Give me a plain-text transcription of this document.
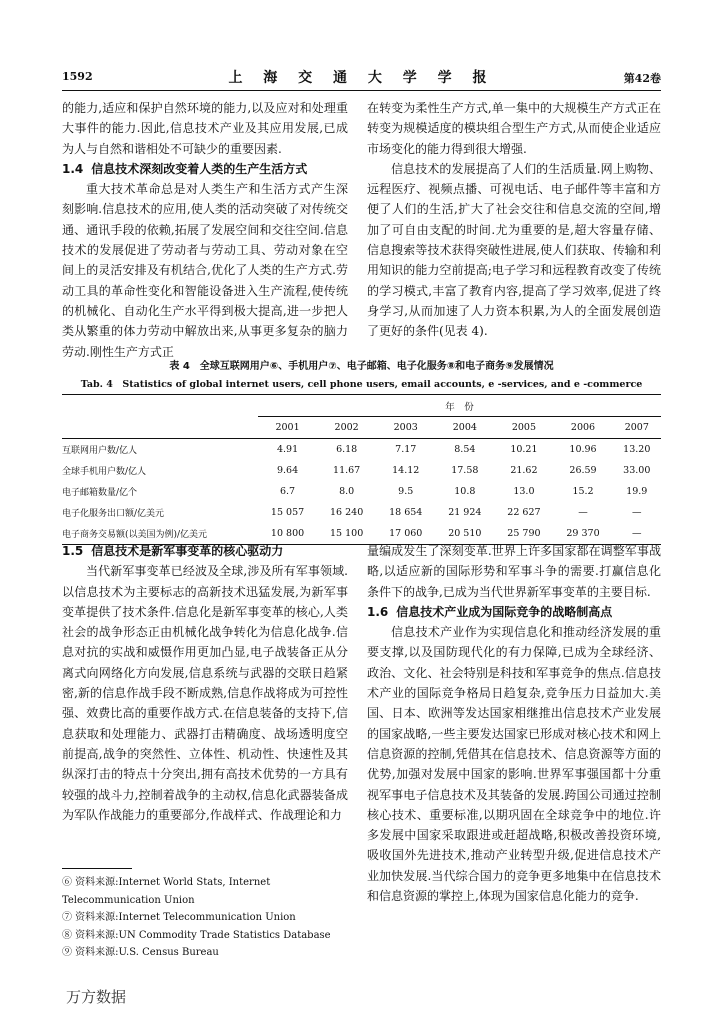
1592	上 海 交 通 大 学 学 报	第42卷

的能力,适应和保护自然环境的能力,以及应对和处理重大事件的能力.因此,信息技术产业及其应用发展,已成为人与自然和谐相处不可缺少的重要因素.

1.4 信息技术深刻改变着人类的生产生活方式

重大技术革命总是对人类生产和生活方式产生深刻影响.信息技术的应用,使人类的活动突破了对传统交通、通讯手段的依赖,拓展了发展空间和交往空间.信息技术的发展促进了劳动者与劳动工具、劳动对象在空间上的灵活安排及有机结合,优化了人类的生产方式.劳动工具的革命性变化和智能设备进入生产流程,使传统的机械化、自动化生产水平得到极大提高,进一步把人类从繁重的体力劳动中解放出来,从事更多复杂的脑力劳动.刚性生产方式正

在转变为柔性生产方式,单一集中的大规模生产方式正在转变为规模适度的模块组合型生产方式,从而使企业适应市场变化的能力得到很大增强.

信息技术的发展提高了人们的生活质量.网上购物、远程医疗、视频点播、可视电话、电子邮件等丰富和方便了人们的生活,扩大了社会交往和信息交流的空间,增加了可自由支配的时间.尤为重要的是,超大容量存储、信息搜索等技术获得突破性进展,使人们获取、传输和利用知识的能力空前提高;电子学习和远程教育改变了传统的学习模式,丰富了教育内容,提高了学习效率,促进了终身学习,从而加速了人力资本积累,为人的全面发展创造了更好的条件(见表 4).

表 4　全球互联网用户⑥、手机用户⑦、电子邮箱、电子化服务⑧和电子商务⑨发展情况
Tab. 4　Statistics of global internet users, cell phone users, email accounts, e -services, and e -commerce
	年　份						
	2001	2002	2003	2004	2005	2006	2007
互联网用户数/亿人	4.91	6.18	7.17	8.54	10.21	10.96	13.20
全球手机用户数/亿人	9.64	11.67	14.12	17.58	21.62	26.59	33.00
电子邮箱数量/亿个	6.7	8.0	9.5	10.8	13.0	15.2	19.9
电子化服务出口额/亿美元	15 057	16 240	18 654	21 924	22 627	—	—
电子商务交易额(以美国为例)/亿美元	10 800	15 100	17 060	20 510	25 790	29 370	—
1.5 信息技术是新军事变革的核心驱动力

当代新军事变革已经波及全球,涉及所有军事领域.以信息技术为主要标志的高新技术迅猛发展,为新军事变革提供了技术条件.信息化是新军事变革的核心,人类社会的战争形态正由机械化战争转化为信息化战争.信息对抗的实战和威慑作用更加凸显,电子战装备正从分离式向网络化方向发展,信息系统与武器的交联日趋紧密,新的信息作战手段不断成熟,信息作战将成为可控性强、效费比高的重要作战方式.在信息装备的支持下,信息获取和处理能力、武器打击精确度、战场透明度空前提高,战争的突然性、立体性、机动性、快速性及其纵深打击的特点十分突出,拥有高技术优势的一方具有较强的战斗力,控制着战争的主动权,信息化武器装备成为军队作战能力的重要部分,作战样式、作战理论和力

量编成发生了深刻变革.世界上许多国家都在调整军事战略,以适应新的国际形势和军事斗争的需要.打赢信息化条件下的战争,已成为当代世界新军事变革的主要目标.

1.6 信息技术产业成为国际竞争的战略制高点

信息技术产业作为实现信息化和推动经济发展的重要支撑,以及国防现代化的有力保障,已成为全球经济、政治、文化、社会特别是科技和军事竞争的焦点.信息技术产业的国际竞争格局日趋复杂,竞争压力日益加大.美国、日本、欧洲等发达国家相继推出信息技术产业发展的国家战略,一些主要发达国家已形成对核心技术和网上信息资源的控制,凭借其在信息技术、信息资源等方面的优势,加强对发展中国家的影响.世界军事强国都十分重视军事电子信息技术及其装备的发展.跨国公司通过控制核心技术、重要标准,以期巩固在全球竞争中的地位.许多发展中国家采取跟进或赶超战略,积极改善投资环境,吸收国外先进技术,推动产业转型升级,促进信息技术产业加快发展.当代综合国力的竞争更多地集中在信息技术和信息资源的掌控上,体现为国家信息化能力的竞争.

⑥ 资料来源:Internet World Stats, Internet Telecommunication Union

⑦ 资料来源:Internet Telecommunication Union

⑧ 资料来源:UN Commodity Trade Statistics Database

⑨ 资料来源:U.S. Census Bureau

万方数据
